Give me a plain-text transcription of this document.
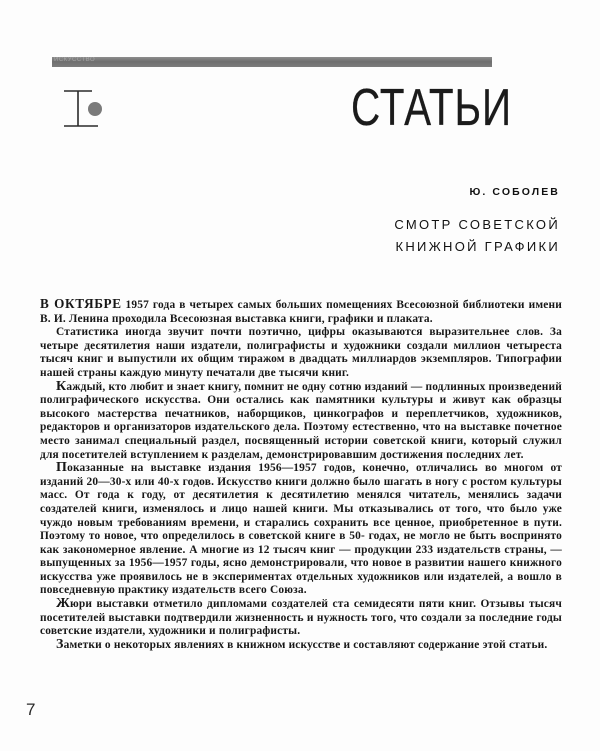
ИСКУССТВО
СТАТЬИ
Ю. СОБОЛЕВ
СМОТР СОВЕТСКОЙ
КНИЖНОЙ ГРАФИКИ

В ОКТЯБРЕ 1957 года в четырех самых больших помещениях Всесоюзной библиотеки имени В. И. Ленина проходила Всесоюзная выставка книги, графики и плаката.

Статистика иногда звучит почти поэтично, цифры оказываются выразительнее слов. За четыре десятилетия наши издатели, полиграфисты и художники создали миллион четыреста тысяч книг и выпустили их общим тиражом в двадцать миллиардов экземпляров. Типографии нашей страны каждую минуту печатали две тысячи книг.

Каждый, кто любит и знает книгу, помнит не одну сотню изданий — подлинных произведений полиграфического искусства. Они остались как памятники культуры и живут как образцы высокого мастерства печатников, наборщиков, цинкографов и переплетчиков, художников, редакторов и организаторов издательского дела. Поэтому естественно, что на выставке почетное место занимал специальный раздел, посвященный истории советской книги, который служил для посетителей вступлением к разделам, демонстрировавшим достижения последних лет.

Показанные на выставке издания 1956—1957 годов, конечно, отличались во многом от изданий 20—30-х или 40-х годов. Искусство книги должно было шагать в ногу с ростом культуры масс. От года к году, от десятилетия к десятилетию менялся читатель, менялись задачи создателей книги, изменялось и лицо нашей книги. Мы отказывались от того, что было уже чуждо новым требованиям времени, и старались сохранить все ценное, приобретенное в пути. Поэтому то новое, что определилось в советской книге в 50- годах, не могло не быть воспринято как закономерное явление. А многие из 12 тысяч книг — продукции 233 издательств страны, — выпущенных за 1956—1957 годы, ясно демонстрировали, что новое в развитии нашего книжного искусства уже проявилось не в экспериментах отдельных художников или издателей, а вошло в повседневную практику издательств всего Союза.

Жюри выставки отметило дипломами создателей ста семидесяти пяти книг. Отзывы тысяч посетителей выставки подтвердили жизненность и нужность того, что создали за последние годы советские издатели, художники и полиграфисты.

Заметки о некоторых явлениях в книжном искусстве и составляют содержание этой статьи.

7
